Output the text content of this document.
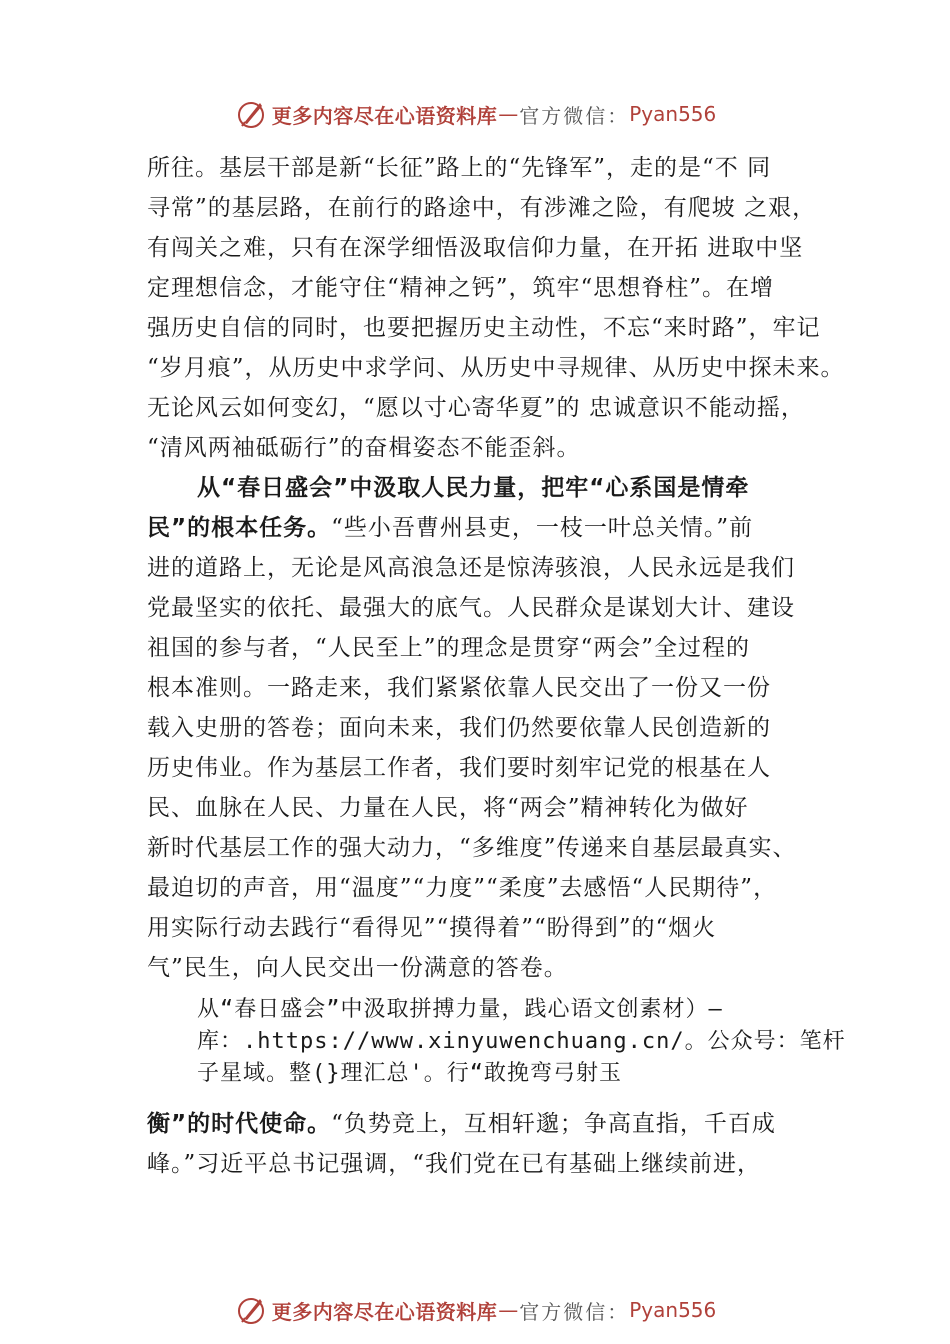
更多内容尽在心语资料库 — 官方微信： Pyan556
所往。基层干部是新“长征”路上的“先锋军”，走的是“不 同
寻常”的基层路，在前行的路途中，有涉滩之险，有爬坡 之艰，
有闯关之难，只有在深学细悟汲取信仰力量，在开拓 进取中坚
定理想信念，才能守住“精神之钙”，筑牢“思想脊柱”。在增
强历史自信的同时，也要把握历史主动性，不忘“来时路”，牢记
“岁月痕”，从历史中求学问、从历史中寻规律、从历史中探未来。
无论风云如何变幻，“愿以寸心寄华夏”的 忠诚意识不能动摇，
“清风两袖砥砺行”的奋楫姿态不能歪斜。
从“春日盛会”中汲取人民力量，把牢“心系国是情牵
民”的根本任务。“些小吾曹州县吏，一枝一叶总关情。”前
进的道路上，无论是风高浪急还是惊涛骇浪，人民永远是我们
党最坚实的依托、最强大的底气。人民群众是谋划大计、建设
祖国的参与者，“人民至上”的理念是贯穿“两会”全过程的
根本准则。一路走来，我们紧紧依靠人民交出了一份又一份
载入史册的答卷；面向未来，我们仍然要依靠人民创造新的
历史伟业。作为基层工作者，我们要时刻牢记党的根基在人
民、血脉在人民、力量在人民，将“两会”精神转化为做好
新时代基层工作的强大动力，“多维度”传递来自基层最真实、
最迫切的声音，用“温度”“力度”“柔度”去感悟“人民期待”，
用实际行动去践行“看得见”“摸得着”“盼得到”的“烟火
气”民生，向人民交出一份满意的答卷。
从“春日盛会”中汲取拼搏力量，践心语文创素材）—
库：.https://www.xinyuwenchuang.cn/。公众号：笔杆
子星域。整(}理汇总'。行“敢挽弯弓射玉
衡”的时代使命。“负势竞上，互相轩邈；争高直指，千百成
峰。”习近平总书记强调，“我们党在已有基础上继续前进，
更多内容尽在心语资料库 — 官方微信： Pyan556
